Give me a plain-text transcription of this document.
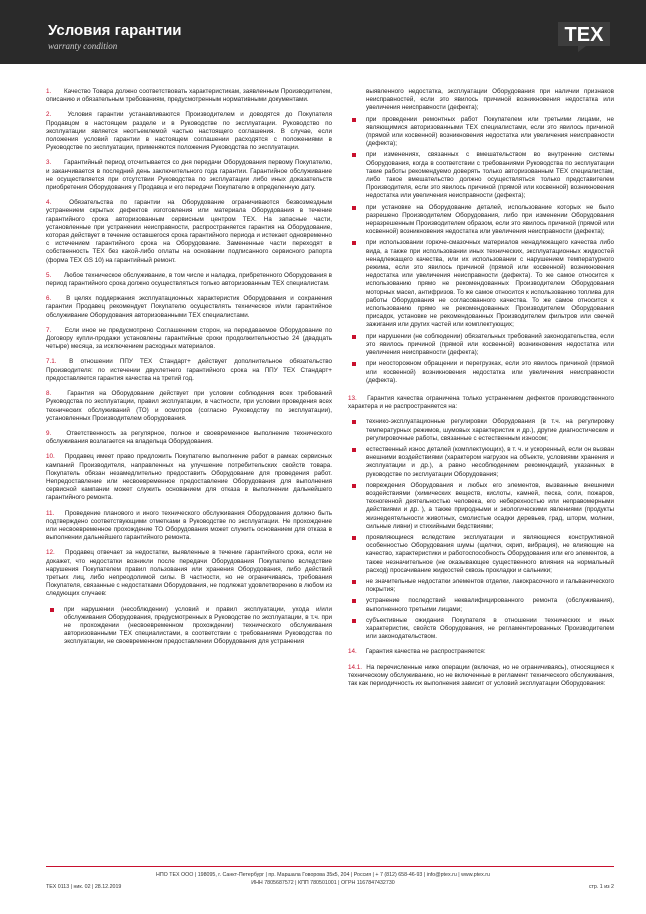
Условия гарантии
warranty condition	TEX
1. Качество Товара должно соответствовать характеристикам, заявленным Производителем, описанию и обязательным требованиям, предусмотренным нормативными документами.
2.	Условия гарантии устанавливаются Производителем и доводятся до Покупателя Продавцом в настоящем разделе и в Руководстве по эксплуатации. Руководство по эксплуатации является неотъемлемой частью настоящего соглашения. В случае, если положения условий гарантии в настоящем соглашении расходятся с положениями в Руководстве по эксплуатации, применяются положения Руководства по эксплуатации.
3. Гарантийный период отсчитывается со дня передачи Оборудования первому Покупателю, и заканчивается в последний день заключительного года гарантии. Гарантийное обслуживание не осуществляется при отсутствии Руководства по эксплуатации либо иных доказательств приобретения Оборудования у Продавца и его передачи Покупателю в определенную дату.
4.	Обязательства по гарантии на Оборудование ограничиваются безвозмездным устранением скрытых дефектов изготовления или материала Оборудования в течение гарантийного срока авторизованным сервисным центром TEX. На запасные части, установленные при устранении неисправности, распространяется гарантия на Оборудование, которая действует в течение оставшегося срока гарантийного периода и истекает одновременно с истечением гарантийного срока на Оборудование. Замененные части переходят в собственность TEX без какой-либо оплаты на основании подписанного сервисного рапорта (форма TEX GS 10) на гарантийный ремонт.
5. Любое техническое обслуживание, в том числе и наладка, прибретенного Оборудования в период гарантийного срока должно осуществляться только авторизованным TEX специалистам.
6. В целях поддержания эксплуатационных характеристик Оборудования и сохранения гарантии Продавец рекомендует Покупателю осуществлять техническое и/или гарантийное обслуживание Оборудования авторизованными TEX специалистами.
7. Если иное не предусмотрено Соглашением сторон, на передаваемое Оборудование по Договору купли-продажи установлены гарантийные сроки продолжительностью 24 (двадцать четыре) месяца, за исключением расходных материалов.
7.1. В отношении ППУ TEX Стандарт+ действует дополнительное обязательство Производителя: по истечении двухлетнего гарантийного срока на ППУ TEX Стандарт+ предоставляется гарантия качества на третий год.
8.	Гарантия на Оборудование действует при условии соблюдения всех требований Руководства по эксплуатации, правил эксплуатации, в частности, при условии проведения всех технических обслуживаний (ТО) и осмотров (согласно Руководству по эксплуатации), установленных Производителем оборудования.
9. Ответственность за регулярное, полное и своевременное выполнение технического обслуживания возлагается на владельца Оборудования.
10. Продавец имеет право предложить Покупателю выполнение работ в рамках сервисных кампаний Производителя, направленных на улучшение потребительских свойств товара. Покупатель обязан незамедлительно предоставить Оборудование для проведения работ. Непредоставление или несвоевременное предоставление Оборудования для выполнения сервисной кампании может служить основанием для отказа в выполнении дальнейшего гарантийного ремонта.
11. Проведение планового и иного технического обслуживания Оборудования должно быть подтверждено соответствующими отметками в Руководстве по эксплуатации. Не прохождение или несвоевременное прохождение ТО Оборудования может служить основанием для отказа в выполнении дальнейшего гарантийного ремонта.
12. Продавец отвечает за недостатки, выявленные в течение гарантийного срока, если не докажет, что недостатки возникли после передачи Оборудования Покупателю вследствие нарушения Покупателем правил пользования или хранения Оборудования, либо действий третьих лиц, либо непреодолимой силы. В частности, но не ограничиваясь, требования Покупателя, связанные с недостатками Оборудования, не подлежат удовлетворению в любом из следующих случаев:
при нарушении (несоблюдении) условий и правил эксплуатации, ухода и/или обслуживания Оборудования, предусмотренных в Руководстве по эксплуатации, в т.ч. при не прохождении (несвоевременном прохождении) технического обслуживания авторизованными TEX специалистами, в соответствии с требованиями Руководства по эксплуатации, не своевременном предоставлении Оборудования для устранения
выявленного недостатка, эксплуатации Оборудования при наличии признаков неисправностей, если это явилось причиной возникновения недостатка или увеличения неисправности (дефекта);
при проведении ремонтных работ Покупателем или третьими лицами, не являющимися авторизованными TEX специалистами, если это явилось причиной (прямой или косвенной) возникновения недостатка или увеличения неисправности (дефекта);
при изменениях, связанных с вмешательством во внутренние системы Оборудования, когда в соответствии с требованиями Руководства по эксплуатации такие работы рекомендуемо доверять только авторизованным TEX специалистам, либо такое вмешательство должно осуществляться только представителем Производителя, если это явилось причиной (прямой или косвенной) возникновения недостатка или увеличения неисправности (дефекта);
при установке на Оборудование деталей, использование которых не было разрешено Производителем Оборудования, либо при изменении Оборудования неразрешенным Производителем образом, если это явилось причиной (прямой или косвенной) возникновения недостатка или увеличения неисправности (дефекта);
при использовании горюче-смазочных материалов ненадлежащего качества либо вида, а также при использовании иных технических, эксплуатационных жидкостей ненадлежащего качества, или их использовании с нарушением температурного режима, если это явилось причиной (прямой или косвенной) возникновения недостатка или увеличения неисправности (дефекта). То же самое относится к использованию прямо не рекомендованных Производителем Оборудования моторных масел, антифризов. То же самое относится к использованию топлива для работы Оборудования не согласованного качества. То же самое относится к использованию прямо не рекомендованных Производителем Оборудования присадок, установке не рекомендованных Производителем фильтров или свечей зажигания или других частей или комплектующих;
при нарушении (не соблюдении) обязательных требований законодательства, если это явилось причиной (прямой или косвенной) возникновения недостатка или увеличения неисправности (дефекта);
при неосторожном обращении и перегрузках, если это явилось причиной (прямой или косвенной) возникновения недостатка или увеличения неисправности (дефекта).
13. Гарантия качества ограничена только устранением дефектов производственного характера и не распространяется на:
технико-эксплуатационные регулировки Оборудования (в т.ч. на регулировку температурных режимов, шумовых характеристик и др.), другие диагностические и регулировочные работы, связанные с естественным износом;
естественный износ деталей (комплектующих), в т. ч. и ускоренный, если он вызван внешними воздействиями (характером нагрузок на объекте, условиями хранения и эксплуатации и др.), а равно несоблюдением рекомендаций, указанных в руководстве по эксплуатации Оборудования;
повреждения Оборудования и любых его элементов, вызванные внешними воздействиями (химических веществ, кислоты, камней, песка, соли, пожаров, техногенной деятельностью человека, его неберехностью или неправомерными действиями и др. ), а также природными и экологическими явлениями (продукты жизнедеятельности животных, смолистые осадки деревьев, град, шторм, молнии, сильные ливни) и стихийными бедствиями;
проявляющиеся вследствие эксплуатации и являющиеся конструктивной особенностью Оборудования шумы (щелчки, скрип, вибрация), не влияющие на качество, характеристики и работоспособность Оборудования или его элементов, а также незначительное (не оказывающее существенного влияния на нормальный расход) просачивание жидкостей сквозь прокладки и сальники;
не значительные недостатки элементов отделки, лакокрасочного и гальванического покрытия;
устранение последствий неквалифицированного ремонта (обслуживания), выполненного третьими лицами;
субъективные ожидания Покупателя в отношении технических и иных характеристик, свойств Оборудования, не регламентированных Производителем или законодательством.
14. Гарантия качества не распространяется:
14.1. На перечисленные ниже операции (включая, но не ограничиваясь), относящиеся к техническому обслуживанию, но не включенные в регламент технического обслуживания, так как периодичность их выполнения зависит от условий эксплуатации Оборудования:
НПО TEX ООО | 198095, г. Санкт-Петербург | пр. Маршала Говорова 35к5, 204 | Россия | + 7 (812) 658-46-93 | info@ptex.ru | www.ptex.ru
ИНН 7805687572 | КПП 780501001 | ОГРН 1167847432730
TEX 0113 | ник. 02 | 28.12.2019	стр. 1 из 2
